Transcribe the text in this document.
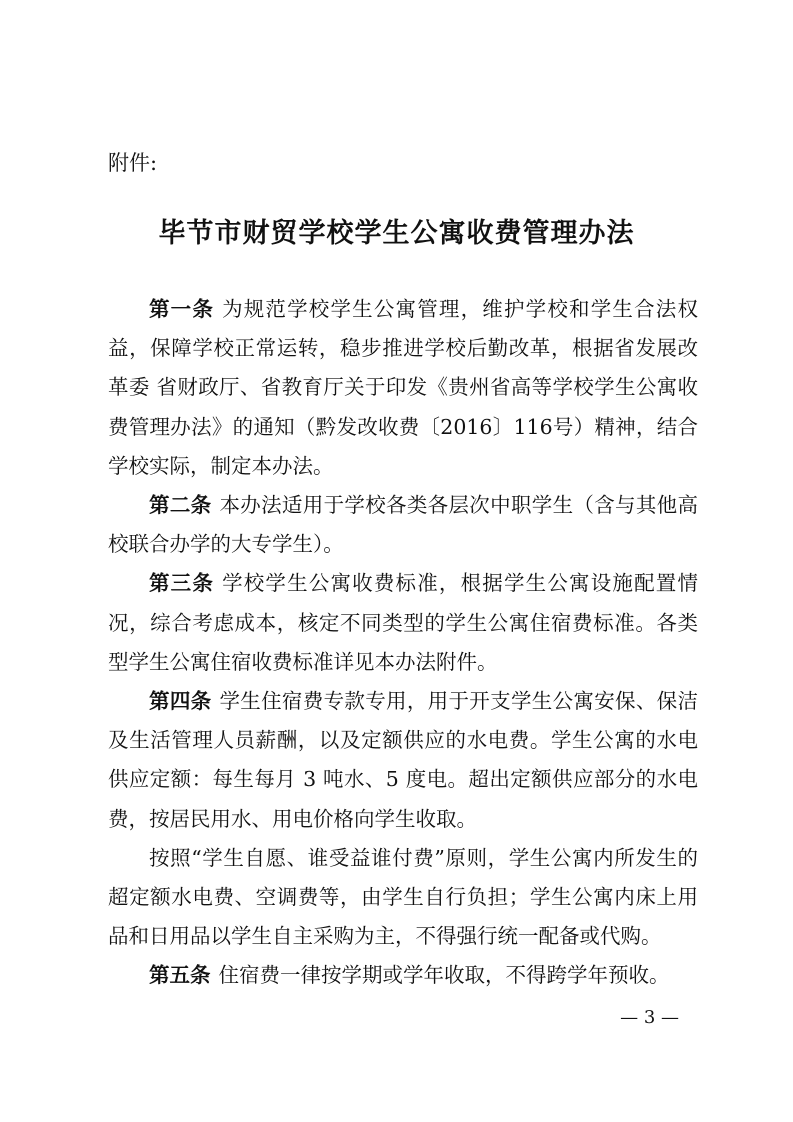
附件:
毕节市财贸学校学生公寓收费管理办法

第一条 为规范学校学生公寓管理，维护学校和学生合法权益，保障学校正常运转，稳步推进学校后勤改革，根据省发展改革委 省财政厅、省教育厅关于印发《贵州省高等学校学生公寓收费管理办法》的通知（黔发改收费〔2016〕116号）精神，结合学校实际，制定本办法。

第二条 本办法适用于学校各类各层次中职学生（含与其他高校联合办学的大专学生）。

第三条 学校学生公寓收费标准，根据学生公寓设施配置情况，综合考虑成本，核定不同类型的学生公寓住宿费标准。各类型学生公寓住宿收费标准详见本办法附件。

第四条 学生住宿费专款专用，用于开支学生公寓安保、保洁及生活管理人员薪酬，以及定额供应的水电费。学生公寓的水电供应定额：每生每月 3 吨水、5 度电。超出定额供应部分的水电费，按居民用水、用电价格向学生收取。

按照“学生自愿、谁受益谁付费”原则，学生公寓内所发生的超定额水电费、空调费等，由学生自行负担；学生公寓内床上用品和日用品以学生自主采购为主，不得强行统一配备或代购。

第五条 住宿费一律按学期或学年收取，不得跨学年预收。

— 3 —
